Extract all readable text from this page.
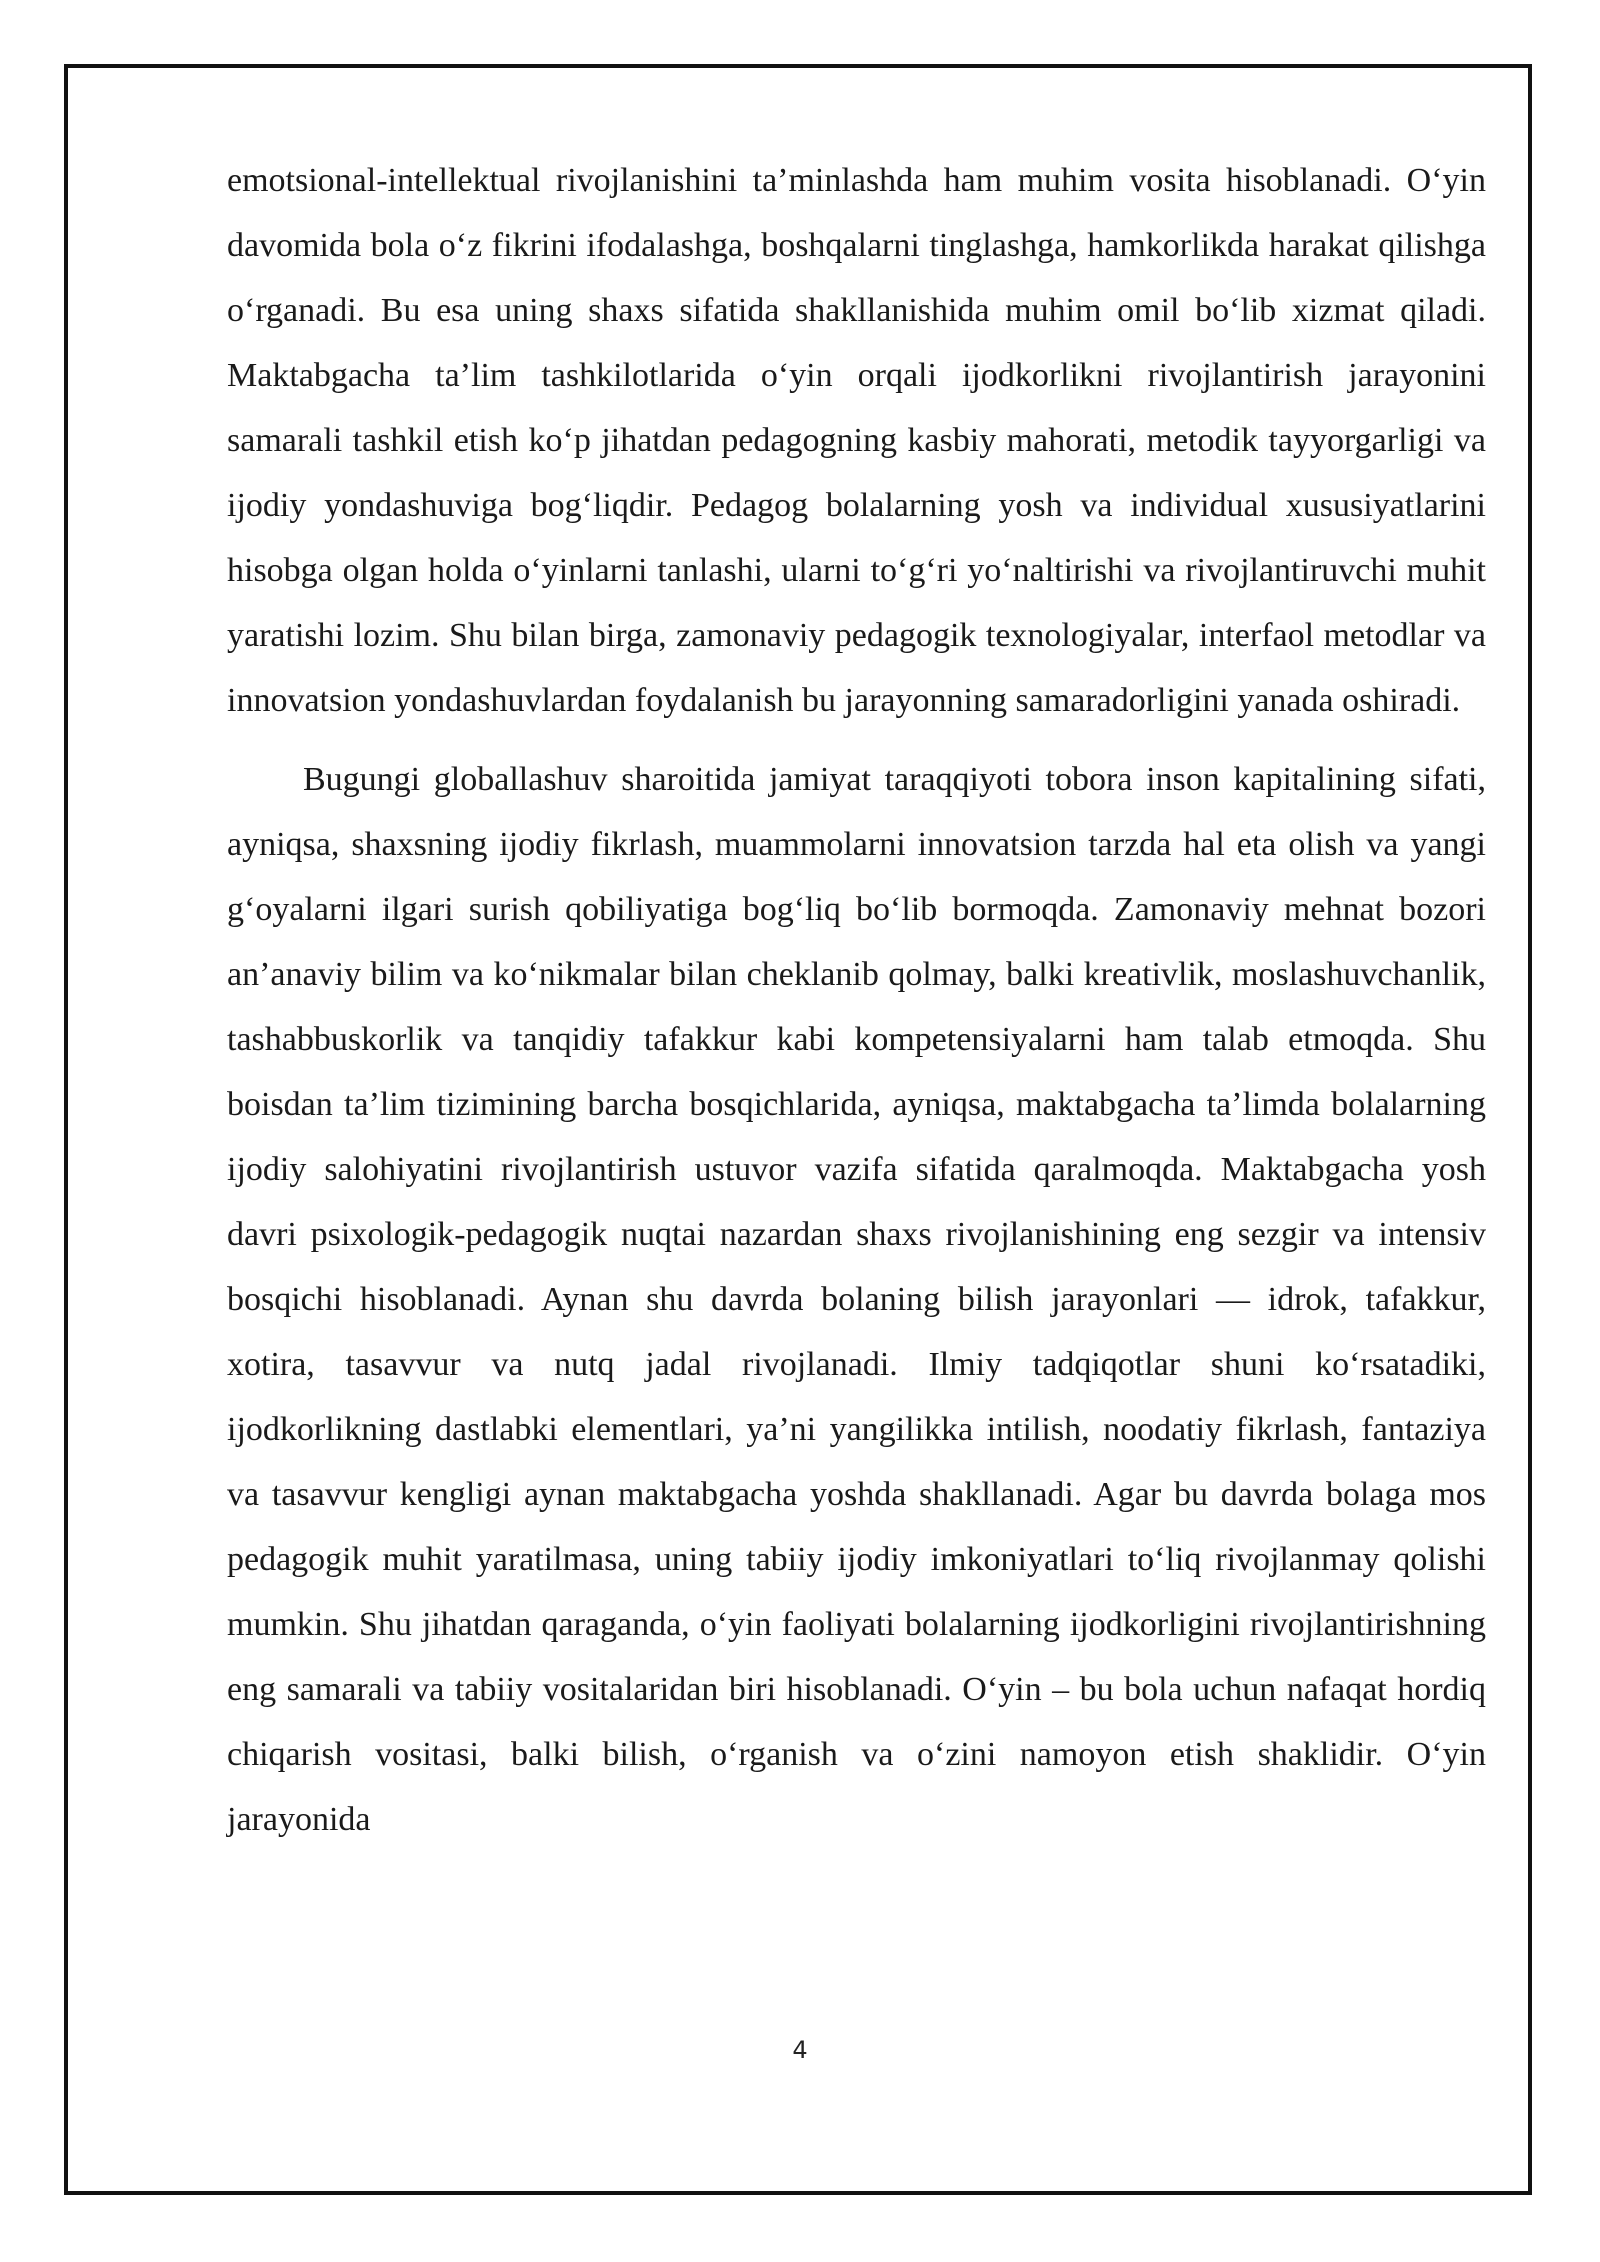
emotsional-intellektual rivojlanishini ta’minlashda ham muhim vosita hisoblanadi. O‘yin davomida bola o‘z fikrini ifodalashga, boshqalarni tinglashga, hamkorlikda harakat qilishga o‘rganadi. Bu esa uning shaxs sifatida shakllanishida muhim omil bo‘lib xizmat qiladi. Maktabgacha ta’lim tashkilotlarida o‘yin orqali ijodkorlikni rivojlantirish jarayonini samarali tashkil etish ko‘p jihatdan pedagogning kasbiy mahorati, metodik tayyorgarligi va ijodiy yondashuviga bog‘liqdir. Pedagog bolalarning yosh va individual xususiyatlarini hisobga olgan holda o‘yinlarni tanlashi, ularni to‘g‘ri yo‘naltirishi va rivojlantiruvchi muhit yaratishi lozim. Shu bilan birga, zamonaviy pedagogik texnologiyalar, interfaol metodlar va innovatsion yondashuvlardan foydalanish bu jarayonning samaradorligini yanada oshiradi.

Bugungi globallashuv sharoitida jamiyat taraqqiyoti tobora inson kapitalining sifati, ayniqsa, shaxsning ijodiy fikrlash, muammolarni innovatsion tarzda hal eta olish va yangi g‘oyalarni ilgari surish qobiliyatiga bog‘liq bo‘lib bormoqda. Zamonaviy mehnat bozori an’anaviy bilim va ko‘nikmalar bilan cheklanib qolmay, balki kreativlik, moslashuvchanlik, tashabbuskorlik va tanqidiy tafakkur kabi kompetensiyalarni ham talab etmoqda. Shu boisdan ta’lim tizimining barcha bosqichlarida, ayniqsa, maktabgacha ta’limda bolalarning ijodiy salohiyatini rivojlantirish ustuvor vazifa sifatida qaralmoqda. Maktabgacha yosh davri psixologik-pedagogik nuqtai nazardan shaxs rivojlanishining eng sezgir va intensiv bosqichi hisoblanadi. Aynan shu davrda bolaning bilish jarayonlari — idrok, tafakkur, xotira, tasavvur va nutq jadal rivojlanadi. Ilmiy tadqiqotlar shuni ko‘rsatadiki, ijodkorlikning dastlabki elementlari, ya’ni yangilikka intilish, noodatiy fikrlash, fantaziya va tasavvur kengligi aynan maktabgacha yoshda shakllanadi. Agar bu davrda bolaga mos pedagogik muhit yaratilmasa, uning tabiiy ijodiy imkoniyatlari to‘liq rivojlanmay qolishi mumkin. Shu jihatdan qaraganda, o‘yin faoliyati bolalarning ijodkorligini rivojlantirishning eng samarali va tabiiy vositalaridan biri hisoblanadi. O‘yin – bu bola uchun nafaqat hordiq chiqarish vositasi, balki bilish, o‘rganish va o‘zini namoyon etish shaklidir. O‘yin jarayonida

4
